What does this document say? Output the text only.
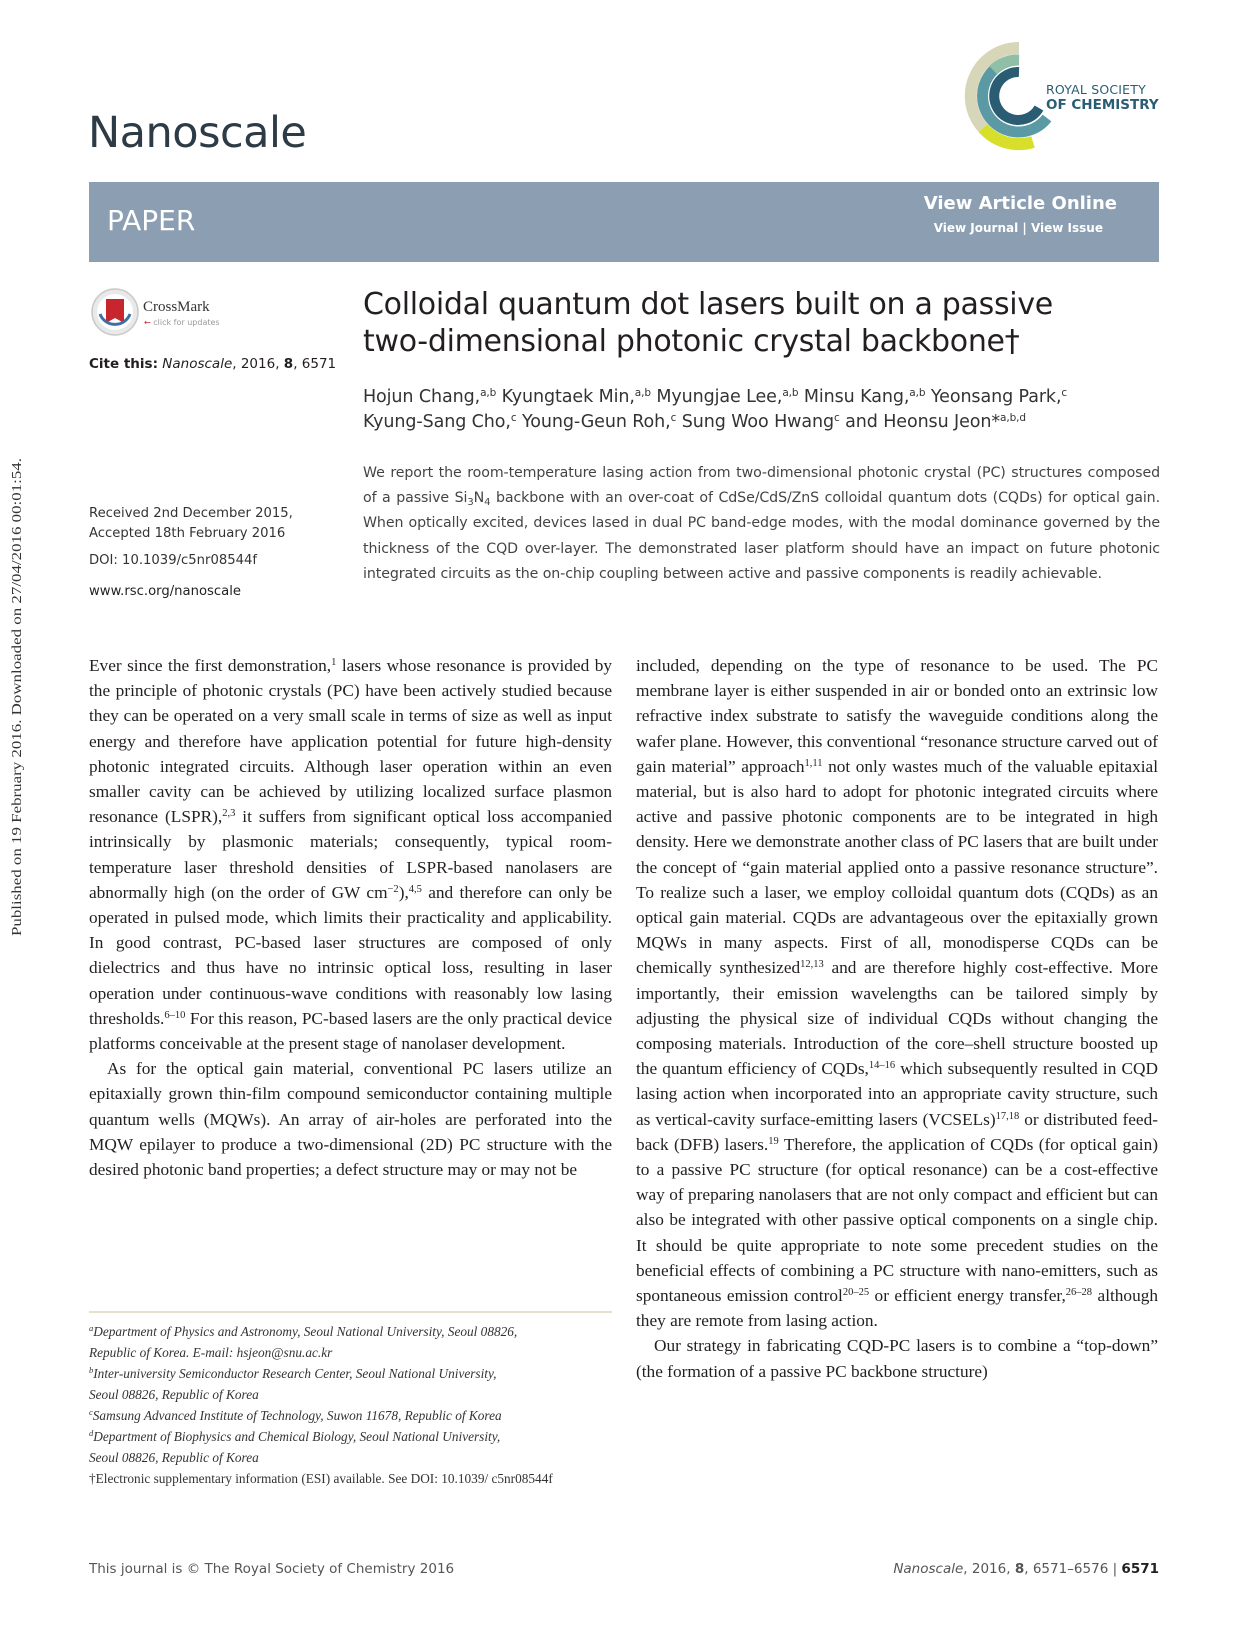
Nanoscale
ROYAL SOCIETY
OF CHEMISTRY
PAPER
View Article Online
View Journal | View Issue
CrossMark
← click for updates
Cite this: Nanoscale, 2016, 8, 6571
Received 2nd December 2015,
Accepted 18th February 2016
DOI: 10.1039/c5nr08544f
www.rsc.org/nanoscale
Published on 19 February 2016. Downloaded on 27/04/2016 00:01:54.
Colloidal quantum dot lasers built on a passive
two-dimensional photonic crystal backbone†
Hojun Chang,$^{a,b}$ Kyungtaek Min,$^{a,b}$ Myungjae Lee,$^{a,b}$ Minsu Kang,$^{a,b}$ Yeonsang Park,$^c$
Kyung-Sang Cho,$^c$ Young-Geun Roh,$^c$ Sung Woo Hwang$^c$ and Heonsu Jeon*$^{a,b,d}$
We report the room-temperature lasing action from two-dimensional photonic crystal (PC) structures composed of a passive $Si_3N_4$ backbone with an over-coat of CdSe/CdS/ZnS colloidal quantum dots (CQDs) for optical gain. When optically excited, devices lased in dual PC band-edge modes, with the modal dominance governed by the thickness of the CQD over-layer. The demonstrated laser platform should have an impact on future photonic integrated circuits as the on-chip coupling between active and passive components is readily achievable.

Ever since the first demonstration,$^1$ lasers whose resonance is provided by the principle of photonic crystals (PC) have been actively studied because they can be operated on a very small scale in terms of size as well as input energy and therefore have application potential for future high-density photonic integrated circuits. Although laser operation within an even smaller cavity can be achieved by utilizing localized surface plasmon resonance (LSPR),$^{2,3}$ it suffers from significant optical loss accompanied intrinsically by plasmonic materials; consequently, typical room-temperature laser threshold densities of LSPR-based nanolasers are abnormally high (on the order of GW $cm^{-2}),^{4,5}$ and therefore can only be operated in pulsed mode, which limits their practicality and applicability. In good contrast, PC-based laser structures are composed of only dielectrics and thus have no intrinsic optical loss, resulting in laser operation under continuous-wave conditions with reasonably low lasing thresholds.$^{6-10}$ For this reason, PC-based lasers are the only practical device platforms conceivable at the present stage of nanolaser development.

As for the optical gain material, conventional PC lasers utilize an epitaxially grown thin-film compound semiconductor containing multiple quantum wells (MQWs). An array of air-holes are perforated into the MQW epilayer to produce a two-dimensional (2D) PC structure with the desired photonic band properties; a defect structure may or may not be

included, depending on the type of resonance to be used. The PC membrane layer is either suspended in air or bonded onto an extrinsic low refractive index substrate to satisfy the waveguide conditions along the wafer plane. However, this conventional “resonance structure carved out of gain material” approach$^{1,11}$ not only wastes much of the valuable epitaxial material, but is also hard to adopt for photonic integrated circuits where active and passive photonic components are to be integrated in high density. Here we demonstrate another class of PC lasers that are built under the concept of “gain material applied onto a passive resonance structure”. To realize such a laser, we employ colloidal quantum dots (CQDs) as an optical gain material. CQDs are advantageous over the epitaxially grown MQWs in many aspects. First of all, monodisperse CQDs can be chemically synthesized$^{12,13}$ and are therefore highly cost-effective. More importantly, their emission wavelengths can be tailored simply by adjusting the physical size of individual CQDs without changing the composing materials. Introduction of the core–shell structure boosted up the quantum efficiency of CQDs,$^{14-16}$ which subsequently resulted in CQD lasing action when incorporated into an appropriate cavity structure, such as vertical-cavity surface-emitting lasers (VCSELs)$^{17,18}$ or distributed feed-back (DFB) lasers.$^{19}$ Therefore, the application of CQDs (for optical gain) to a passive PC structure (for optical resonance) can be a cost-effective way of preparing nanolasers that are not only compact and efficient but can also be integrated with other passive optical components on a single chip. It should be quite appropriate to note some precedent studies on the beneficial effects of combining a PC structure with nano-emitters, such as spontaneous emission control$^{20-25}$ or efficient energy transfer,$^{26-28}$ although they are remote from lasing action.

Our strategy in fabricating CQD-PC lasers is to combine a “top-down” (the formation of a passive PC backbone structure)

$^a$Department of Physics and Astronomy, Seoul National University, Seoul 08826,

Republic of Korea. E-mail: hsjeon@snu.ac.kr

$^b$Inter-university Semiconductor Research Center, Seoul National University,

Seoul 08826, Republic of Korea

$^c$Samsung Advanced Institute of Technology, Suwon 11678, Republic of Korea

$^d$Department of Biophysics and Chemical Biology, Seoul National University,

Seoul 08826, Republic of Korea

†Electronic supplementary information (ESI) available. See DOI: 10.1039/ c5nr08544f

This journal is © The Royal Society of Chemistry 2016	Nanoscale, 2016, 8, 6571–6576 | 6571
